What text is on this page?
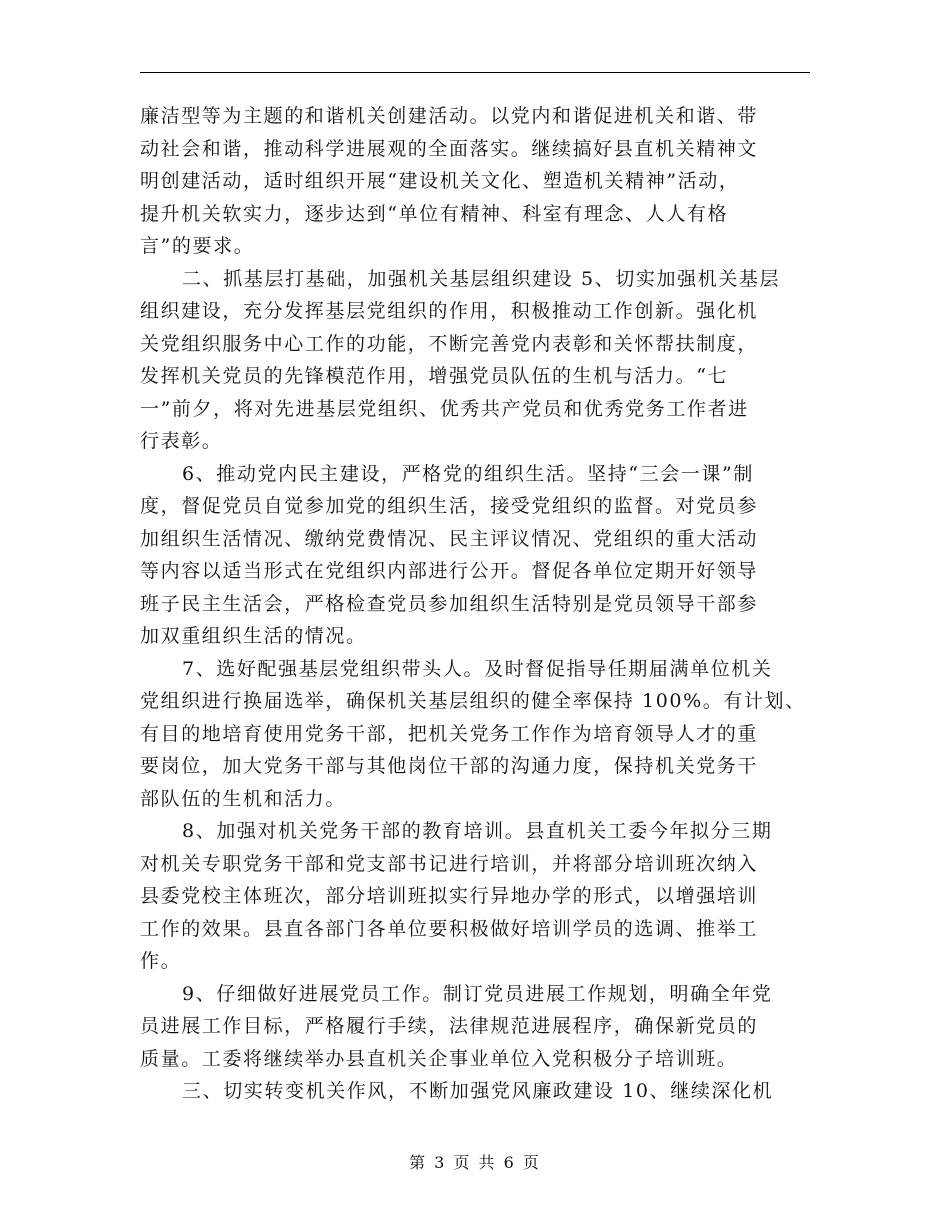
廉洁型等为主题的和谐机关创建活动。以党内和谐促进机关和谐、带
动社会和谐，推动科学进展观的全面落实。继续搞好县直机关精神文
明创建活动，适时组织开展“建设机关文化、塑造机关精神”活动，
提升机关软实力，逐步达到“单位有精神、科室有理念、人人有格
言”的要求。
二、抓基层打基础，加强机关基层组织建设 5、切实加强机关基层
组织建设，充分发挥基层党组织的作用，积极推动工作创新。强化机
关党组织服务中心工作的功能，不断完善党内表彰和关怀帮扶制度，
发挥机关党员的先锋模范作用，增强党员队伍的生机与活力。“七
一”前夕，将对先进基层党组织、优秀共产党员和优秀党务工作者进
行表彰。
6、推动党内民主建设，严格党的组织生活。坚持“三会一课”制
度，督促党员自觉参加党的组织生活，接受党组织的监督。对党员参
加组织生活情况、缴纳党费情况、民主评议情况、党组织的重大活动
等内容以适当形式在党组织内部进行公开。督促各单位定期开好领导
班子民主生活会，严格检查党员参加组织生活特别是党员领导干部参
加双重组织生活的情况。
7、选好配强基层党组织带头人。及时督促指导任期届满单位机关
党组织进行换届选举，确保机关基层组织的健全率保持 100%。有计划、
有目的地培育使用党务干部，把机关党务工作作为培育领导人才的重
要岗位，加大党务干部与其他岗位干部的沟通力度，保持机关党务干
部队伍的生机和活力。
8、加强对机关党务干部的教育培训。县直机关工委今年拟分三期
对机关专职党务干部和党支部书记进行培训，并将部分培训班次纳入
县委党校主体班次，部分培训班拟实行异地办学的形式，以增强培训
工作的效果。县直各部门各单位要积极做好培训学员的选调、推举工
作。
9、仔细做好进展党员工作。制订党员进展工作规划，明确全年党
员进展工作目标，严格履行手续，法律规范进展程序，确保新党员的
质量。工委将继续举办县直机关企事业单位入党积极分子培训班。
三、切实转变机关作风，不断加强党风廉政建设 10、继续深化机
第 3 页 共 6 页
